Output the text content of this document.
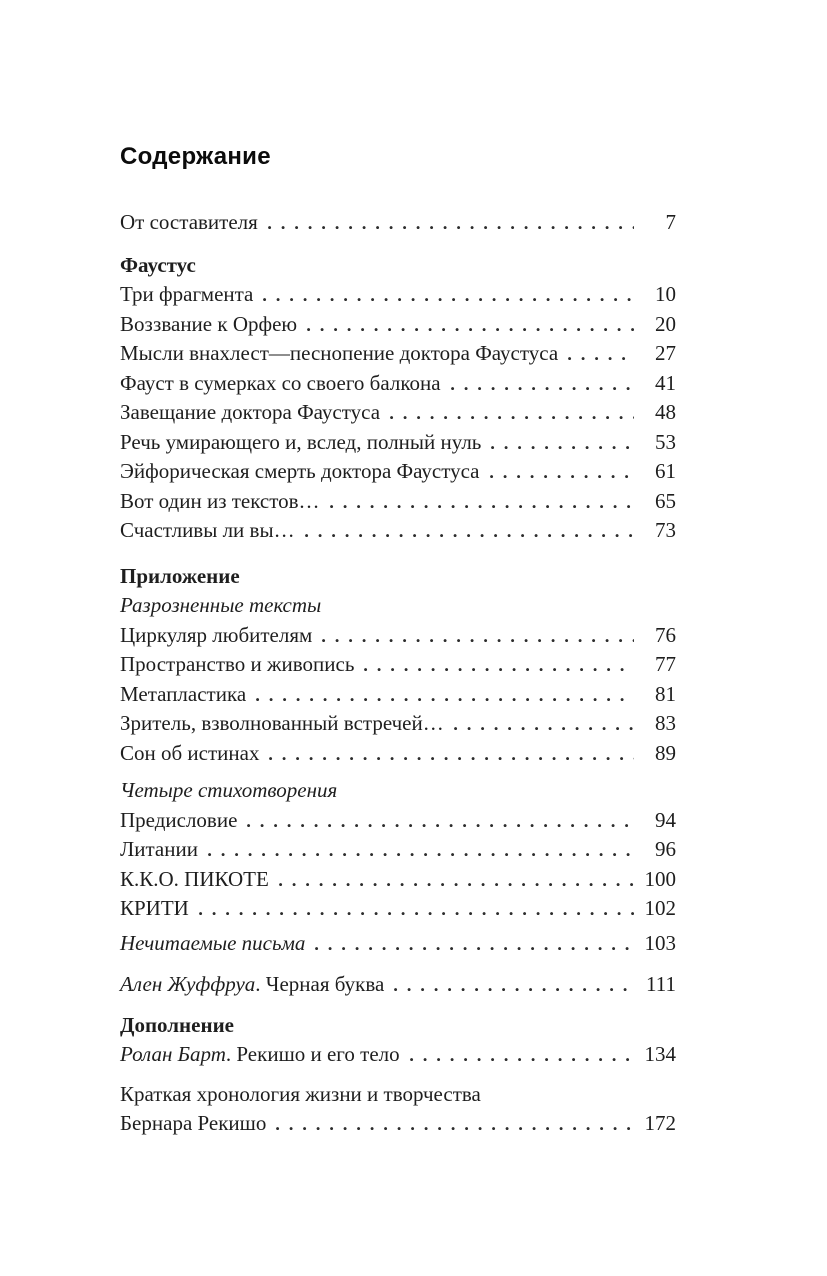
Содержание
От составителя	7
Фаустус
Три фрагмента	10
Воззвание к Орфею	20
Мысли внахлест—песнопение доктора Фаустуса	27
Фауст в сумерках со своего балкона	41
Завещание доктора Фаустуса	48
Речь умирающего и, вслед, полный нуль	53
Эйфорическая смерть доктора Фаустуса	61
Вот один из текстов…	65
Счастливы ли вы…	73
Приложение
Разрозненные тексты
Циркуляр любителям	76
Пространство и живопись	77
Метапластика	81
Зритель, взволнованный встречей…	83
Сон об истинах	89
Четыре стихотворения
Предисловие	94
Литании	96
К.К.О. ПИКОТЕ	100
КРИТИ	102
Нечитаемые письма	103
Ален Жуффруа . Черная буква	111
Дополнение
Ролан Барт . Рекишо и его тело	134
Краткая хронология жизни и творчества
Бернара Рекишо	172
